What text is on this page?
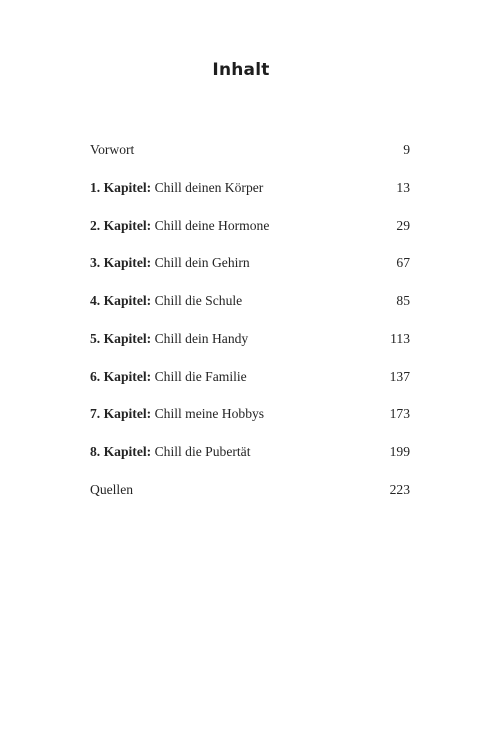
Inhalt
Vorwort	9
1. Kapitel: Chill deinen Körper	13
2. Kapitel: Chill deine Hormone	29
3. Kapitel: Chill dein Gehirn	67
4. Kapitel: Chill die Schule	85
5. Kapitel: Chill dein Handy	113
6. Kapitel: Chill die Familie	137
7. Kapitel: Chill meine Hobbys	173
8. Kapitel: Chill die Pubertät	199
Quellen	223
